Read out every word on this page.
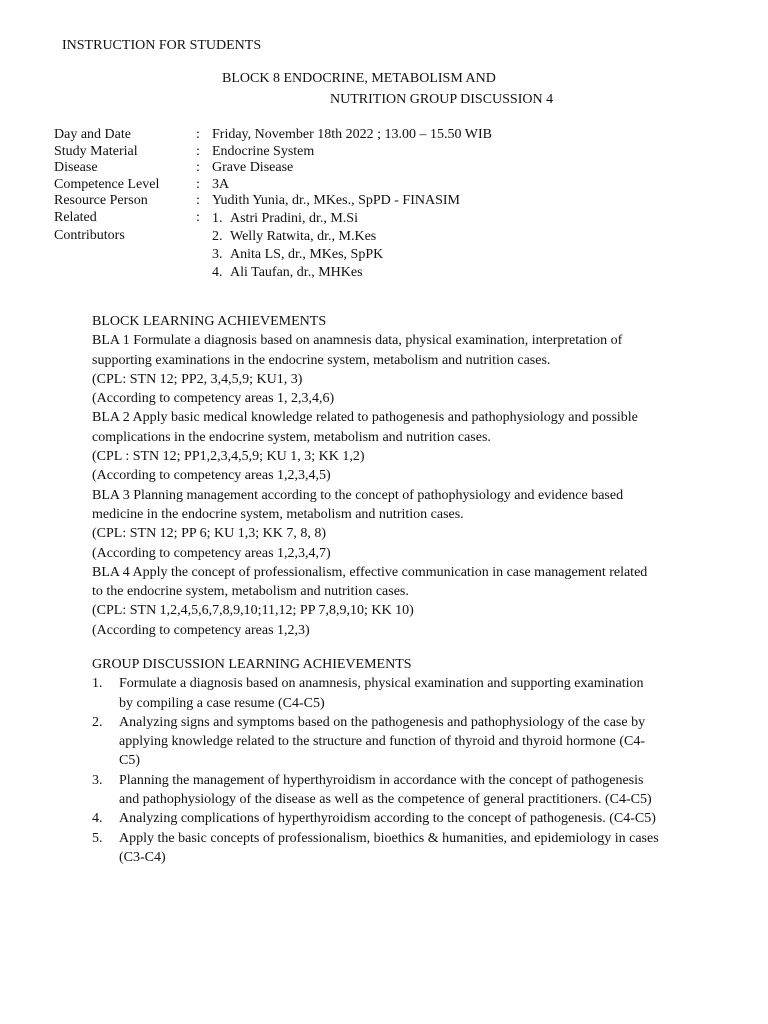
INSTRUCTION FOR STUDENTS
BLOCK 8 ENDOCRINE, METABOLISM AND
NUTRITION GROUP DISCUSSION 4
Day and Date	: Friday, November 18th 2022 ; 13.00 – 15.50 WIB
Study Material	: Endocrine System
Disease	: Grave Disease
Competence Level	: 3A
Resource Person	: Yudith Yunia, dr., MKes., SpPD - FINASIM
Related	: 1. Astri Pradini, dr., M.Si
Contributors	2. Welly Ratwita, dr., M.Kes
3. Anita LS, dr., MKes, SpPK
4. Ali Taufan, dr., MHKes

BLOCK LEARNING ACHIEVEMENTS

BLA 1 Formulate a diagnosis based on anamnesis data, physical examination, interpretation of

supporting examinations in the endocrine system, metabolism and nutrition cases.

(CPL: STN 12; PP2, 3,4,5,9; KU1, 3)

(According to competency areas 1, 2,3,4,6)

BLA 2 Apply basic medical knowledge related to pathogenesis and pathophysiology and possible

complications in the endocrine system, metabolism and nutrition cases.

(CPL : STN 12; PP1,2,3,4,5,9; KU 1, 3; KK 1,2)

(According to competency areas 1,2,3,4,5)

BLA 3 Planning management according to the concept of pathophysiology and evidence based

medicine in the endocrine system, metabolism and nutrition cases.

(CPL: STN 12; PP 6; KU 1,3; KK 7, 8, 8)

(According to competency areas 1,2,3,4,7)

BLA 4 Apply the concept of professionalism, effective communication in case management related

to the endocrine system, metabolism and nutrition cases.

(CPL: STN 1,2,4,5,6,7,8,9,10;11,12; PP 7,8,9,10; KK 10)

(According to competency areas 1,2,3)

GROUP DISCUSSION LEARNING ACHIEVEMENTS
1.	Formulate a diagnosis based on anamnesis, physical examination and supporting examination
by compiling a case resume (C4-C5)
2.	Analyzing signs and symptoms based on the pathogenesis and pathophysiology of the case by
applying knowledge related to the structure and function of thyroid and thyroid hormone (C4-
C5)
3.	Planning the management of hyperthyroidism in accordance with the concept of pathogenesis
and pathophysiology of the disease as well as the competence of general practitioners. (C4-C5)
4.	Analyzing complications of hyperthyroidism according to the concept of pathogenesis. (C4-C5)
5.	Apply the basic concepts of professionalism, bioethics & humanities, and epidemiology in cases
(C3-C4)
